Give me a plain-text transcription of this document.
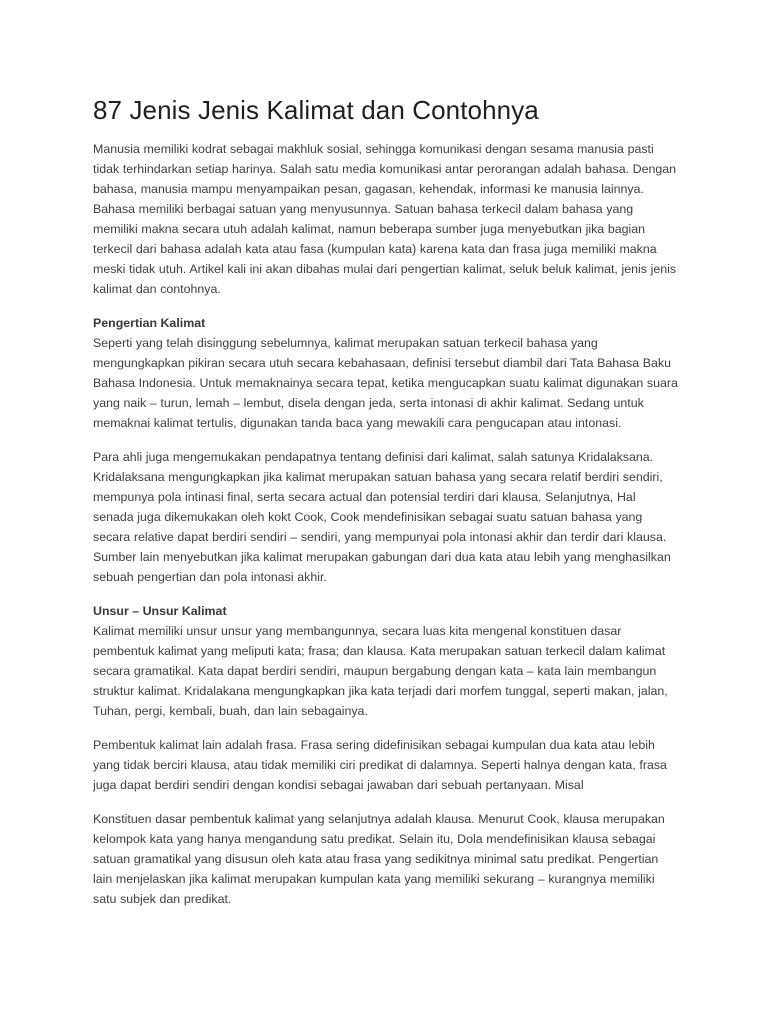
87 Jenis Jenis Kalimat dan Contohnya

Manusia memiliki kodrat sebagai makhluk sosial, sehingga komunikasi dengan sesama manusia pasti tidak terhindarkan setiap harinya. Salah satu media komunikasi antar perorangan adalah bahasa. Dengan bahasa, manusia mampu menyampaikan pesan, gagasan, kehendak, informasi ke manusia lainnya. Bahasa memiliki berbagai satuan yang menyusunnya. Satuan bahasa terkecil dalam bahasa yang memiliki makna secara utuh adalah kalimat, namun beberapa sumber juga menyebutkan jika bagian terkecil dari bahasa adalah kata atau fasa (kumpulan kata) karena kata dan frasa juga memiliki makna meski tidak utuh. Artikel kali ini akan dibahas mulai dari pengertian kalimat, seluk beluk kalimat, jenis jenis kalimat dan contohnya.

Pengertian Kalimat

Seperti yang telah disinggung sebelumnya, kalimat merupakan satuan terkecil bahasa yang mengungkapkan pikiran secara utuh secara kebahasaan, definisi tersebut diambil dari Tata Bahasa Baku Bahasa Indonesia. Untuk memaknainya secara tepat, ketika mengucapkan suatu kalimat digunakan suara yang naik – turun, lemah – lembut, disela dengan jeda, serta intonasi di akhir kalimat. Sedang untuk memaknai kalimat tertulis, digunakan tanda baca yang mewakili cara pengucapan atau intonasi.

Para ahli juga mengemukakan pendapatnya tentang definisi dari kalimat, salah satunya Kridalaksana. Kridalaksana mengungkapkan jika kalimat merupakan satuan bahasa yang secara relatif berdiri sendiri, mempunya pola intinasi final, serta secara actual dan potensial terdiri dari klausa. Selanjutnya, Hal senada juga dikemukakan oleh kokt Cook, Cook mendefinisikan sebagai suatu satuan bahasa yang secara relative dapat berdiri sendiri – sendiri, yang mempunyai pola intonasi akhir dan terdir dari klausa. Sumber lain menyebutkan jika kalimat merupakan gabungan dari dua kata atau lebih yang menghasilkan sebuah pengertian dan pola intonasi akhir.

Unsur – Unsur Kalimat

Kalimat memiliki unsur unsur yang membangunnya, secara luas kita mengenal konstituen dasar pembentuk kalimat yang meliputi kata; frasa; dan klausa. Kata merupakan satuan terkecil dalam kalimat secara gramatikal. Kata dapat berdiri sendiri, maupun bergabung dengan kata – kata lain membangun struktur kalimat. Kridalakana mengungkapkan jika kata terjadi dari morfem tunggal, seperti makan, jalan, Tuhan, pergi, kembali, buah, dan lain sebagainya.

Pembentuk kalimat lain adalah frasa. Frasa sering didefinisikan sebagai kumpulan dua kata atau lebih yang tidak berciri klausa, atau tidak memiliki ciri predikat di dalamnya. Seperti halnya dengan kata, frasa juga dapat berdiri sendiri dengan kondisi sebagai jawaban dari sebuah pertanyaan. Misal

Konstituen dasar pembentuk kalimat yang selanjutnya adalah klausa. Menurut Cook, klausa merupakan kelompok kata yang hanya mengandung satu predikat. Selain itu, Dola mendefinisikan klausa sebagai satuan gramatikal yang disusun oleh kata atau frasa yang sedikitnya minimal satu predikat. Pengertian lain menjelaskan jika kalimat merupakan kumpulan kata yang memiliki sekurang – kurangnya memiliki satu subjek dan predikat.
